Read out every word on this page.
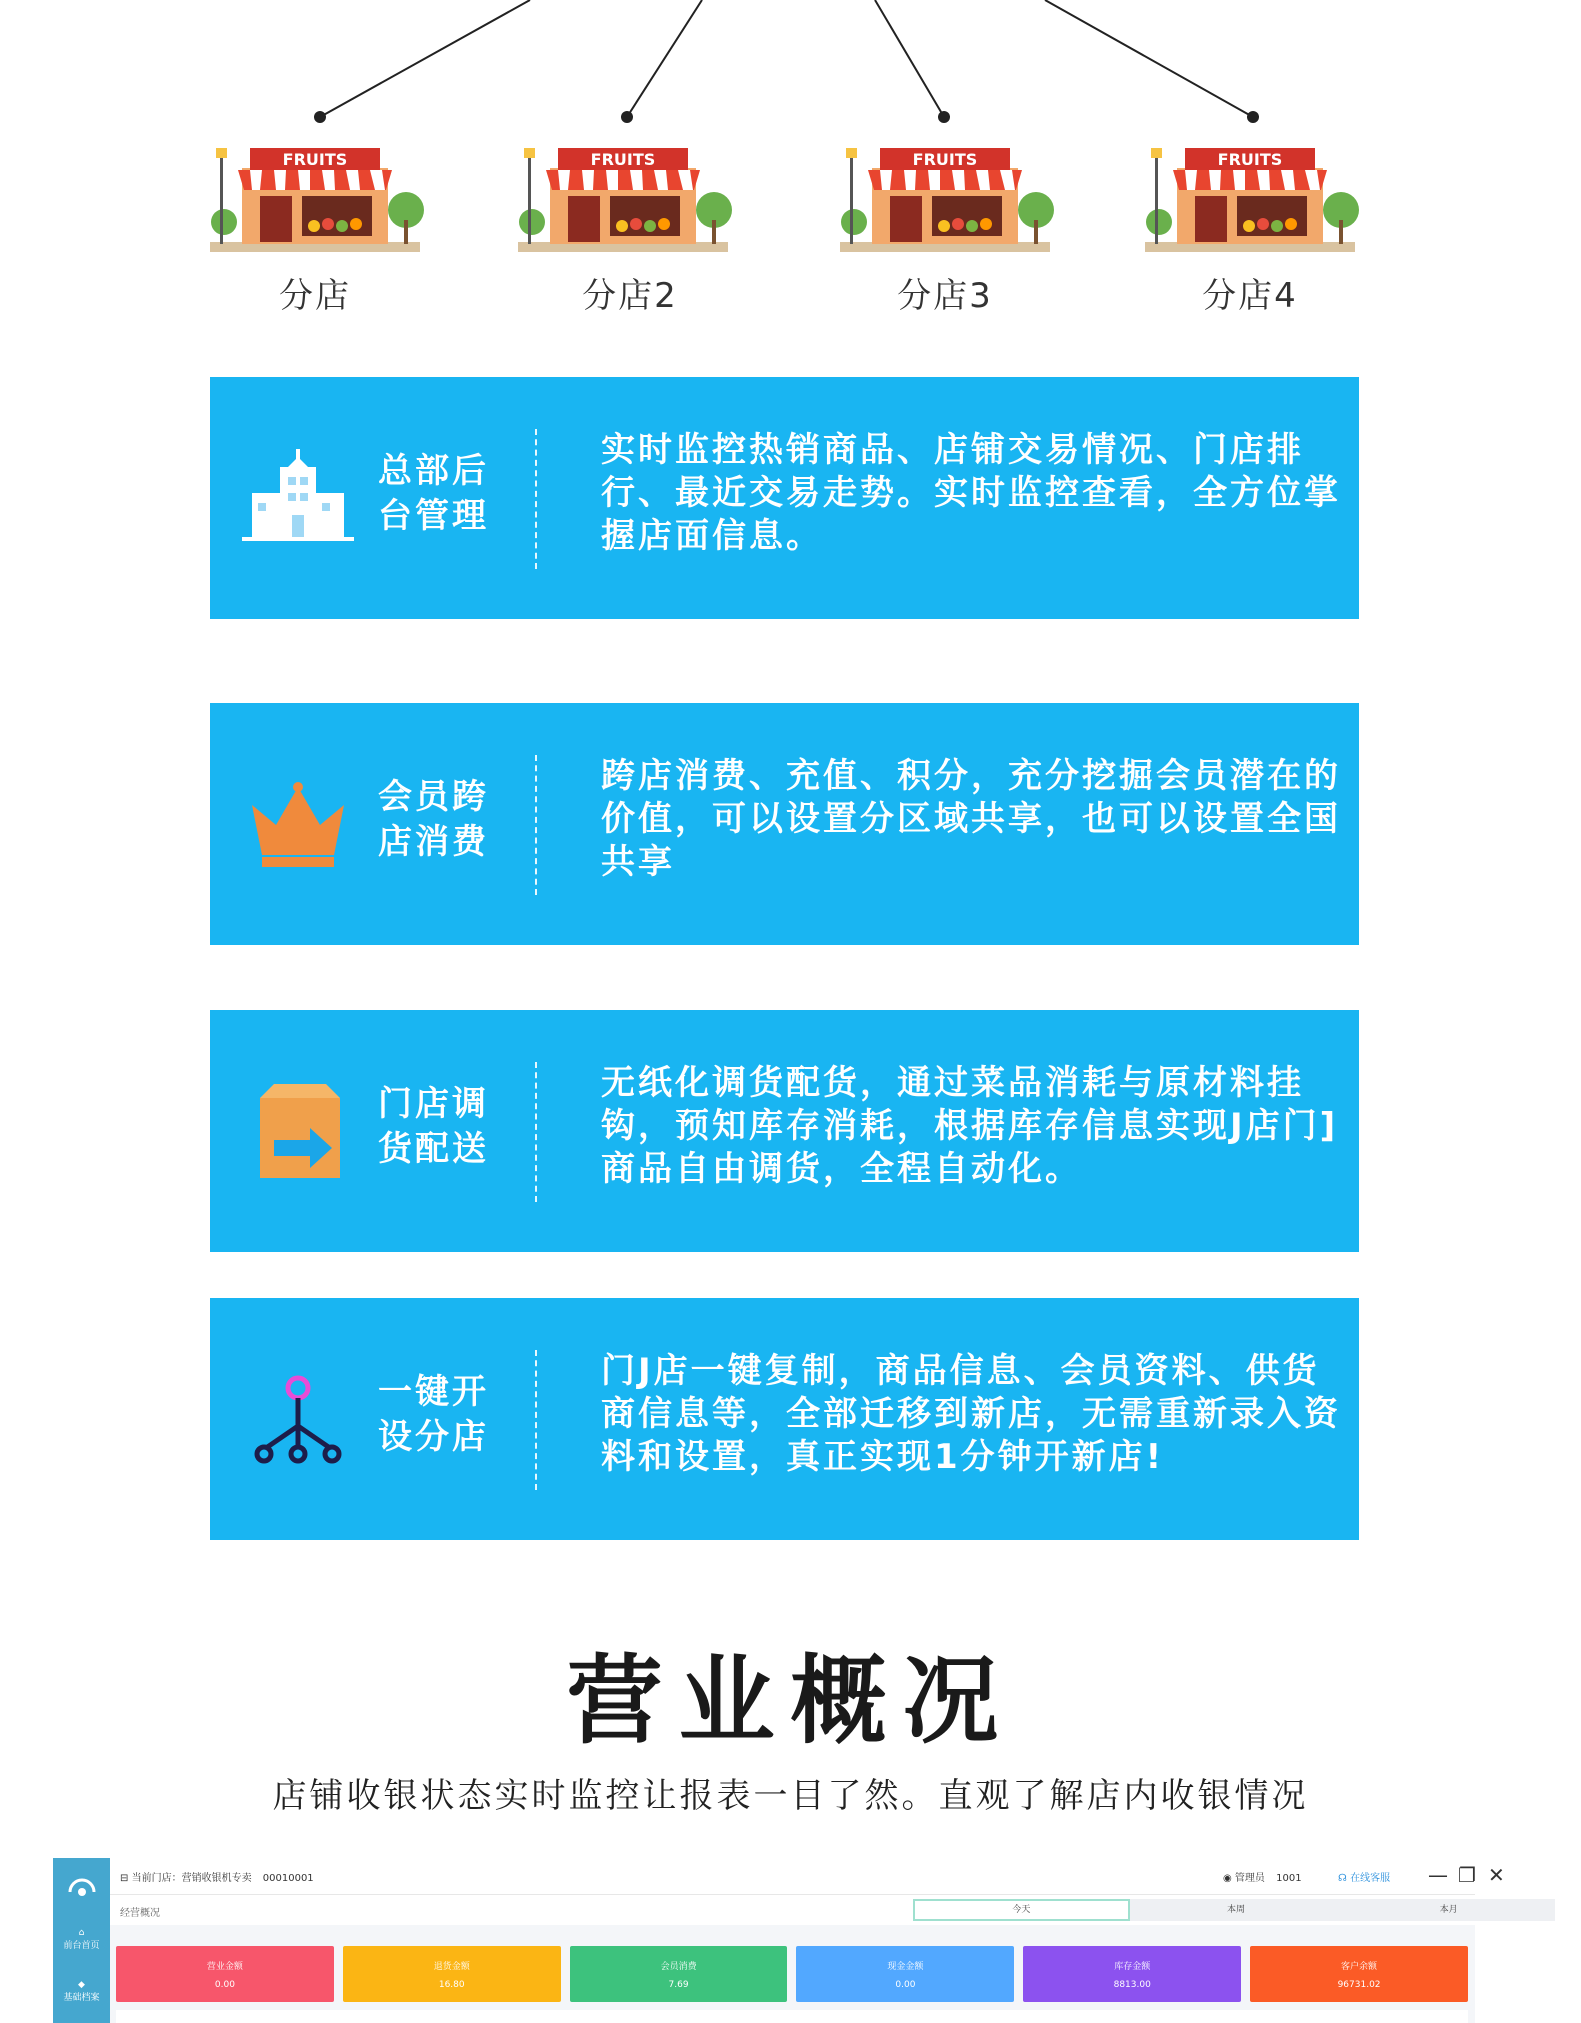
FRUITS	FRUITS	FRUITS	FRUITS
分店	分店2	分店3	分店4
总部后台管理
实时监控热销商品、店铺交易情况、门店排行、最近交易走势。实时监控查看，全方位掌握店面信息。
会员跨店消费
跨店消费、充值、积分，充分挖掘会员潜在的价值，可以设置分区域共享，也可以设置全国共享
门店调货配送
无纸化调货配货，通过菜品消耗与原材料挂钩，预知库存消耗，根据库存信息实现J店门]商品自由调货，全程自动化。
一键开设分店
门J店一键复制，商品信息、会员资料、供货商信息等，全部迁移到新店，无需重新录入资料和设置，真正实现1分钟开新店!
营业概况
店铺收银状态实时监控让报表一目了然。直观了解店内收银情况
⌂
前台首页
◆
基础档案
⊟ 当前门店：营销收银机专卖 00010001	◉ 管理员 1001	☊ 在线客服 — ❐ ✕
经营概况	今天	本周	本月
营业金额
0.00
退货金额
16.80
会员消费
7.69
现金金额
0.00
库存金额
8813.00
客户余额
96731.02
